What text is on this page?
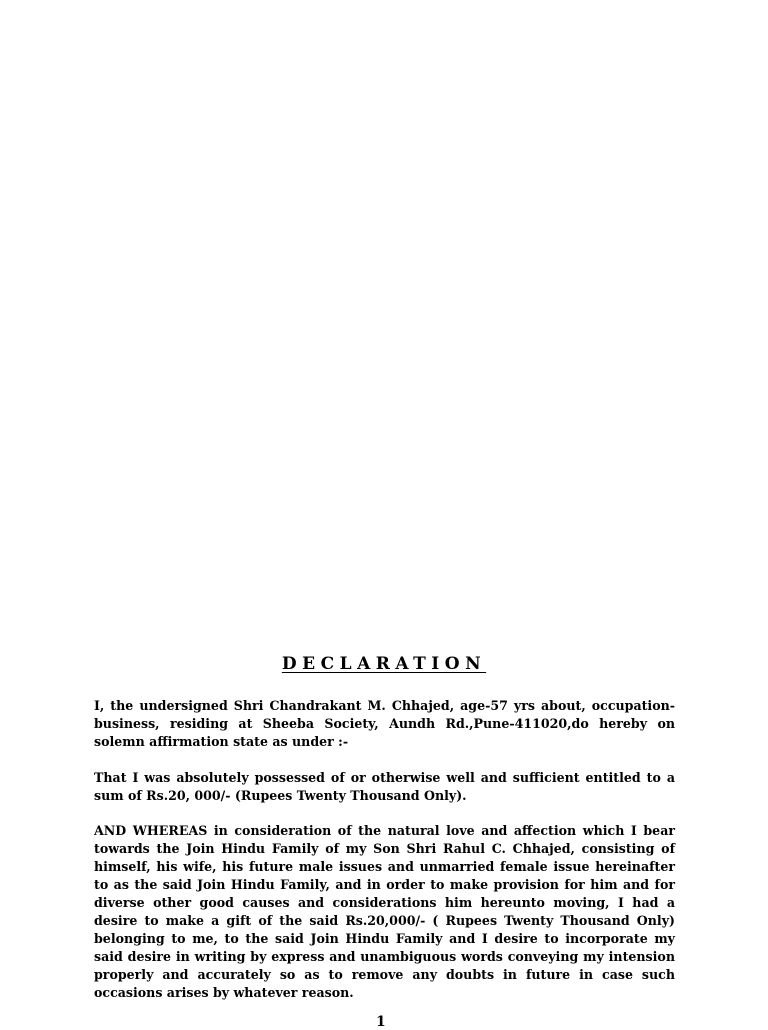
DECLARATION

I, the undersigned Shri Chandrakant M. Chhajed, age-57 yrs about, occupation-business, residing at Sheeba Society, Aundh Rd.,Pune-411020,do hereby on solemn affirmation state as under :-

That I was absolutely possessed of or otherwise well and sufficient entitled to a sum of Rs.20, 000/- (Rupees Twenty Thousand Only).

AND WHEREAS in consideration of the natural love and affection which I bear towards the Join Hindu Family of my Son Shri Rahul C. Chhajed, consisting of himself, his wife, his future male issues and unmarried female issue hereinafter to as the said Join Hindu Family, and in order to make provision for him and for diverse other good causes and considerations him hereunto moving, I had a desire to make a gift of the said Rs.20,000/- ( Rupees Twenty Thousand Only) belonging to me, to the said Join Hindu Family and I desire to incorporate my said desire in writing by express and unambiguous words conveying my intension properly and accurately so as to remove any doubts in future in case such occasions arises by whatever reason.

1
